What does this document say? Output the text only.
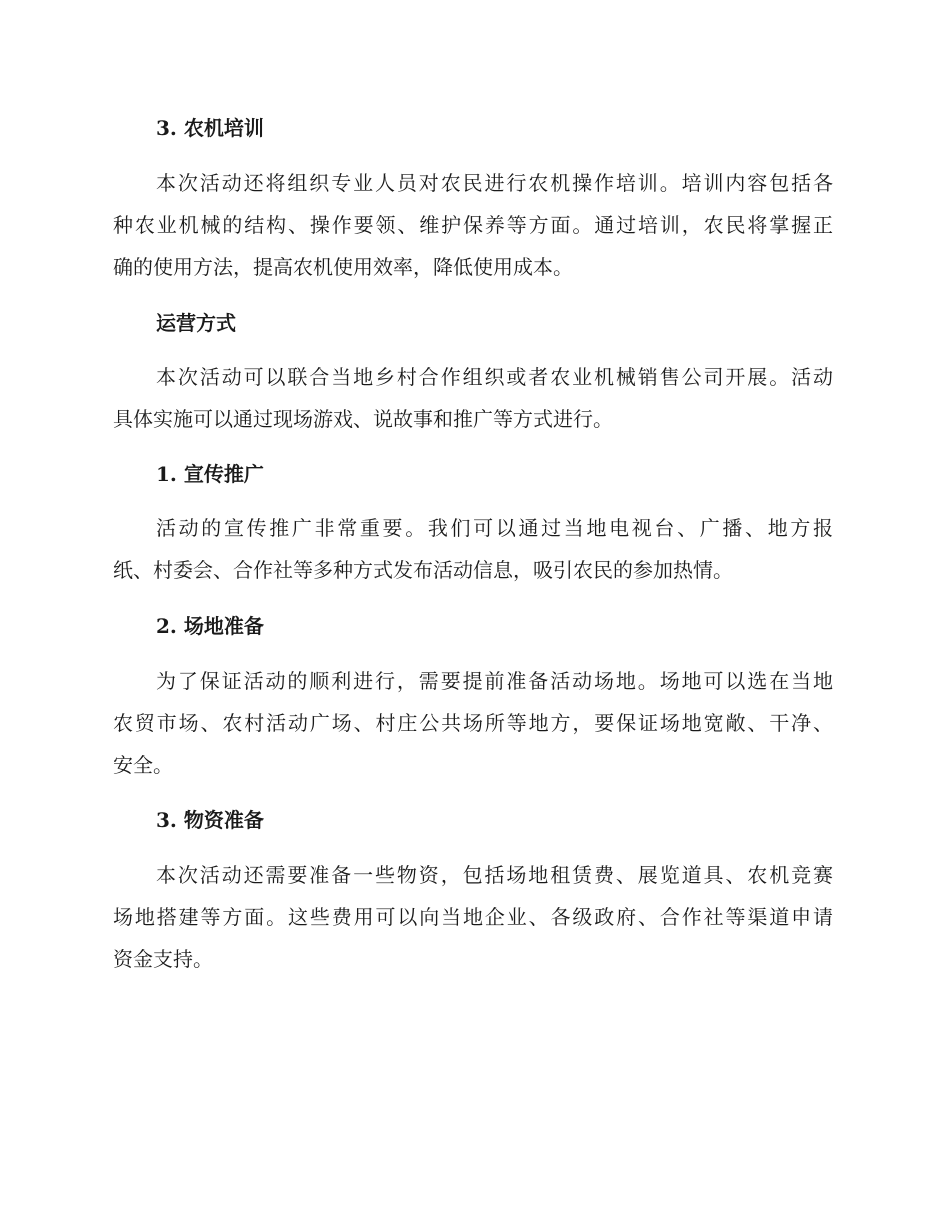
3. 农机培训

本次活动还将组织专业人员对农民进行农机操作培训。培训内容包括各
种农业机械的结构、操作要领、维护保养等方面。通过培训，农民将掌握正
确的使用方法，提高农机使用效率，降低使用成本。

运营方式

本次活动可以联合当地乡村合作组织或者农业机械销售公司开展。活动
具体实施可以通过现场游戏、说故事和推广等方式进行。

1. 宣传推广

活动的宣传推广非常重要。我们可以通过当地电视台、广播、地方报
纸、村委会、合作社等多种方式发布活动信息，吸引农民的参加热情。

2. 场地准备

为了保证活动的顺利进行，需要提前准备活动场地。场地可以选在当地
农贸市场、农村活动广场、村庄公共场所等地方，要保证场地宽敞、干净、
安全。

3. 物资准备

本次活动还需要准备一些物资，包括场地租赁费、展览道具、农机竞赛
场地搭建等方面。这些费用可以向当地企业、各级政府、合作社等渠道申请
资金支持。
